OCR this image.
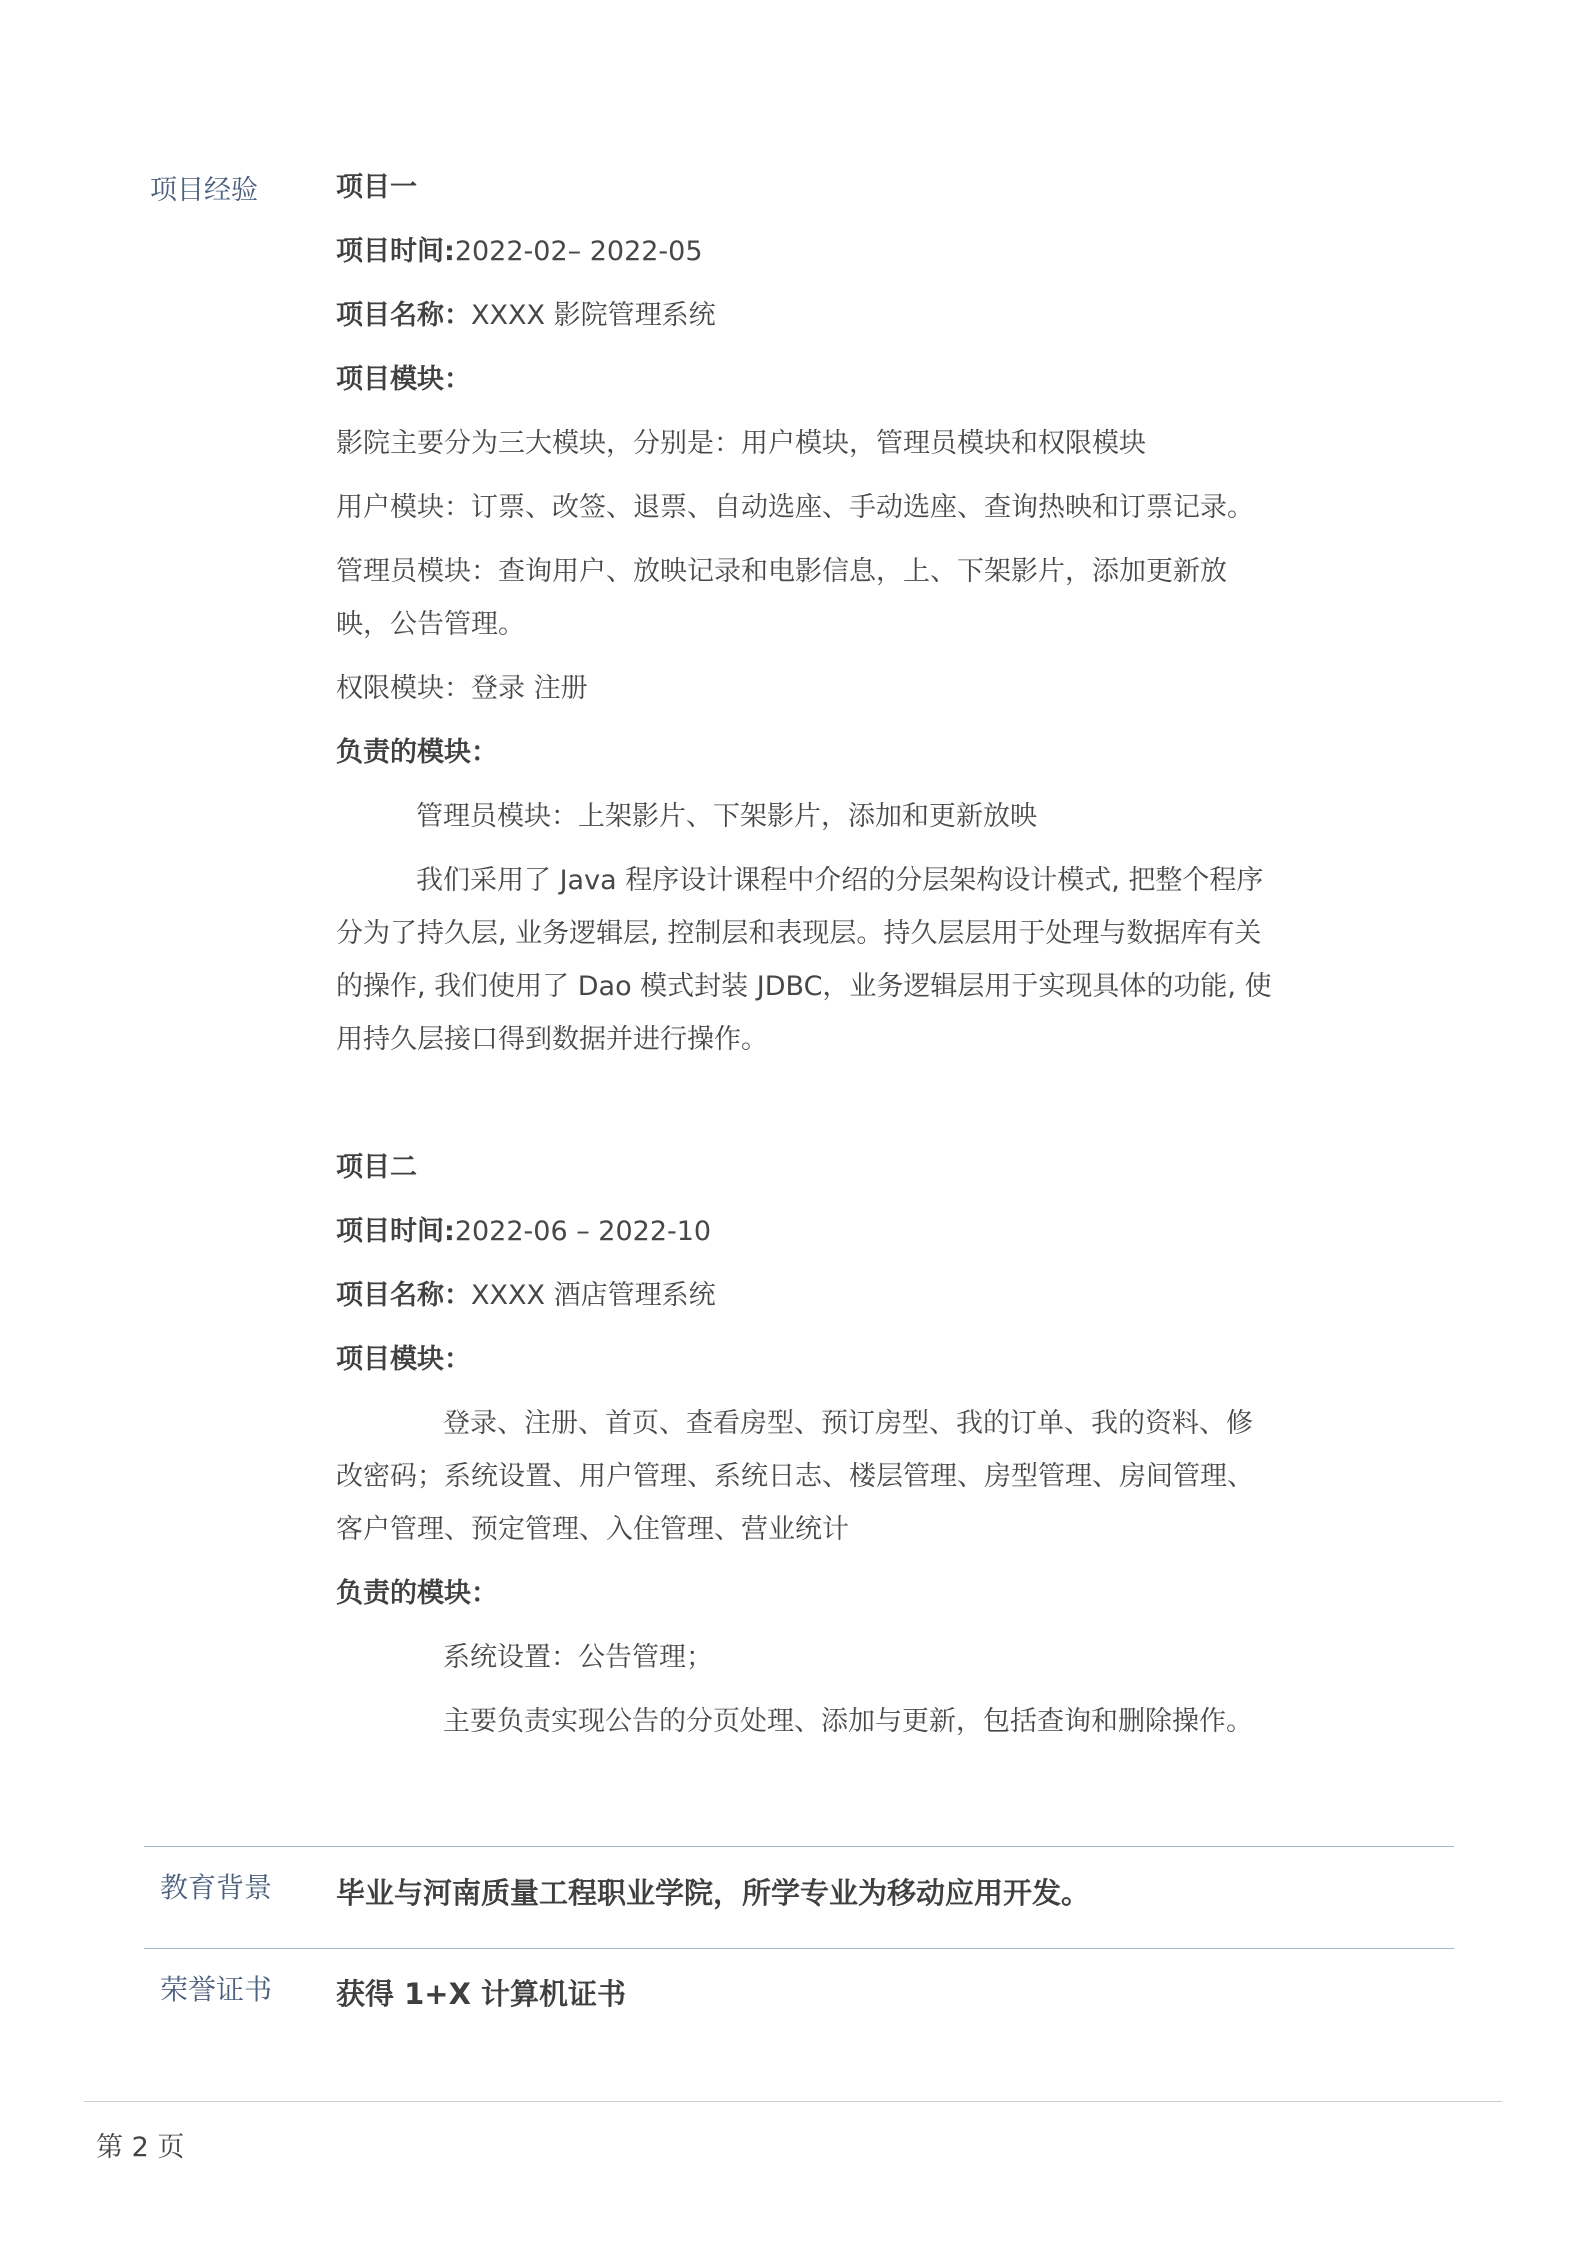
项目经验	项目一
项目时间:2022-02– 2022-05
项目名称：XXXX 影院管理系统
项目模块：
影院主要分为三大模块，分别是：用户模块，管理员模块和权限模块
用户模块：订票、改签、退票、自动选座、手动选座、查询热映和订票记录。
管理员模块：查询用户、放映记录和电影信息，上、下架影片，添加更新放
映，公告管理。
权限模块：登录 注册
负责的模块：
管理员模块：上架影片、下架影片，添加和更新放映
我们采用了 Java 程序设计课程中介绍的分层架构设计模式, 把整个程序
分为了持久层, 业务逻辑层, 控制层和表现层。持久层层用于处理与数据库有关
的操作, 我们使用了 Dao 模式封装 JDBC，业务逻辑层用于实现具体的功能, 使
用持久层接口得到数据并进行操作。
项目二
项目时间:2022-06 – 2022-10
项目名称：XXXX 酒店管理系统
项目模块：
登录、注册、首页、查看房型、预订房型、我的订单、我的资料、修
改密码；系统设置、用户管理、系统日志、楼层管理、房型管理、房间管理、
客户管理、预定管理、入住管理、营业统计
负责的模块：
系统设置：公告管理；
主要负责实现公告的分页处理、添加与更新，包括查询和删除操作。
教育背景 毕业与河南质量工程职业学院，所学专业为移动应用开发。
荣誉证书 获得 1+X 计算机证书
第 2 页
